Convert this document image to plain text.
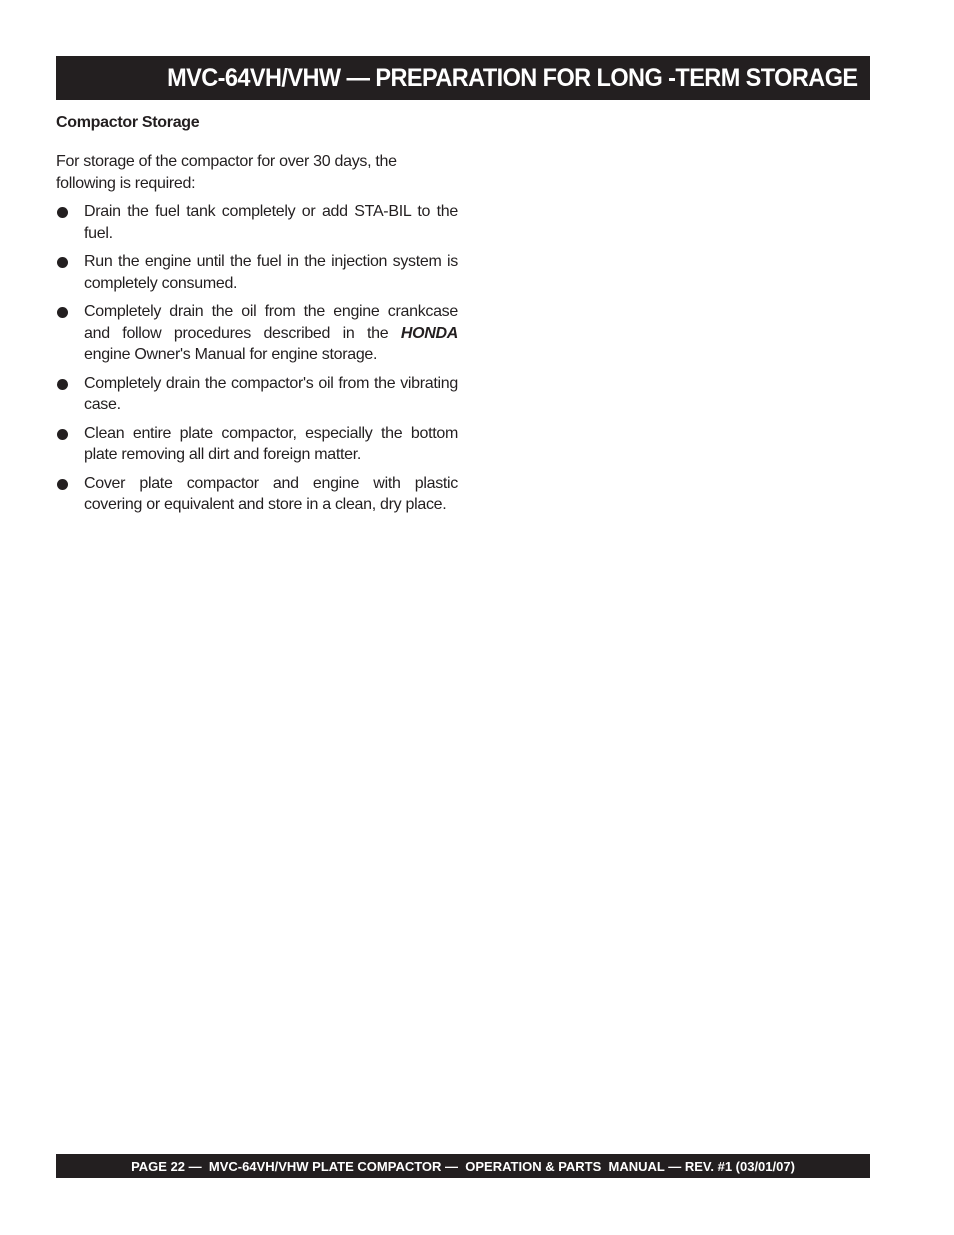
MVC-64VH/VHW — PREPARATION FOR LONG -TERM STORAGE
Compactor Storage

For storage of the compactor for over 30 days, the following is required:

Drain the fuel tank completely or add STA-BIL to the fuel.
Run the engine until the fuel in the injection system is completely consumed.
Completely drain the oil from the engine crankcase and follow procedures described in the HONDA engine Owner's Manual for engine storage.
Completely drain the compactor's oil from the vibrating case.
Clean entire plate compactor, especially the bottom plate removing all dirt and foreign matter.
Cover plate compactor and engine with plastic covering or equivalent and store in a clean, dry place.
PAGE 22 —  MVC-64VH/VHW PLATE COMPACTOR —  OPERATION & PARTS  MANUAL — REV. #1 (03/01/07)
